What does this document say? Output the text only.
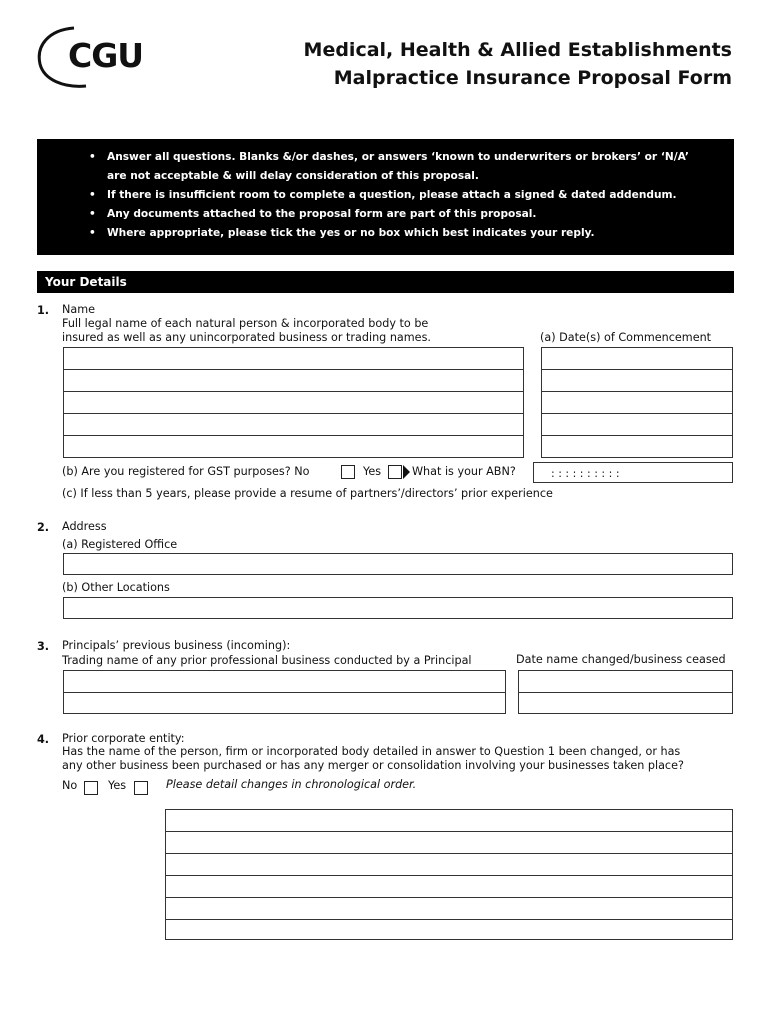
CGU	Medical, Health & Allied Establishments
Malpractice Insurance Proposal Form
• Answer all questions. Blanks &/or dashes, or answers ‘known to underwriters or brokers’ or ‘N/A’
are not acceptable & will delay consideration of this proposal.
• If there is insufficient room to complete a question, please attach a signed & dated addendum.
• Any documents attached to the proposal form are part of this proposal.
• Where appropriate, please tick the yes or no box which best indicates your reply.
Your Details
1. Name
Full legal name of each natural person & incorporated body to be
insured as well as any unincorporated business or trading names.	(a) Date(s) of Commencement
(b) Are you registered for GST purposes? No	Yes	What is your ABN?	: : : : : : : : : :
(c) If less than 5 years, please provide a resume of partners’/directors’ prior experience
2. Address
(a) Registered Office
(b) Other Locations
3. Principals’ previous business (incoming):
Trading name of any prior professional business conducted by a Principal	Date name changed/business ceased
4. Prior corporate entity:
Has the name of the person, firm or incorporated body detailed in answer to Question 1 been changed, or has
any other business been purchased or has any merger or consolidation involving your businesses taken place?
No	Yes	Please detail changes in chronological order.
